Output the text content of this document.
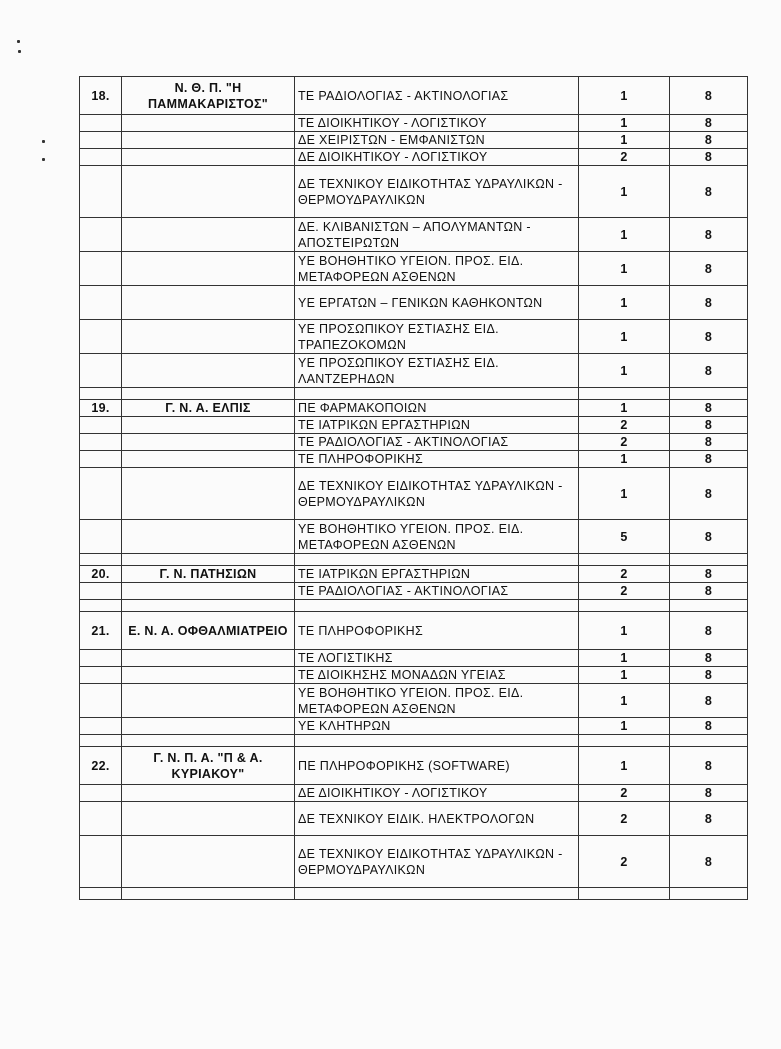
18.	Ν. Θ. Π. "Η ΠΑΜΜΑΚΑΡΙΣΤΟΣ"	ΤΕ ΡΑΔΙΟΛΟΓΙΑΣ - ΑΚΤΙΝΟΛΟΓΙΑΣ	1	8
		ΤΕ ΔΙΟΙΚΗΤΙΚΟΥ - ΛΟΓΙΣΤΙΚΟΥ	1	8
		ΔΕ ΧΕΙΡΙΣΤΩΝ - ΕΜΦΑΝΙΣΤΩΝ	1	8
		ΔΕ ΔΙΟΙΚΗΤΙΚΟΥ - ΛΟΓΙΣΤΙΚΟΥ	2	8
		ΔΕ ΤΕΧΝΙΚΟΥ ΕΙΔΙΚΟΤΗΤΑΣ ΥΔΡΑΥΛΙΚΩΝ - ΘΕΡΜΟΥΔΡΑΥΛΙΚΩΝ	1	8
		ΔΕ. ΚΛΙΒΑΝΙΣΤΩΝ – ΑΠΟΛΥΜΑΝΤΩΝ - ΑΠΟΣΤΕΙΡΩΤΩΝ	1	8
		ΥΕ ΒΟΗΘΗΤΙΚΟ ΥΓΕΙΟΝ. ΠΡΟΣ. ΕΙΔ. ΜΕΤΑΦΟΡΕΩΝ ΑΣΘΕΝΩΝ	1	8
		ΥΕ ΕΡΓΑΤΩΝ – ΓΕΝΙΚΩΝ ΚΑΘΗΚΟΝΤΩΝ	1	8
		ΥΕ ΠΡΟΣΩΠΙΚΟΥ ΕΣΤΙΑΣΗΣ ΕΙΔ. ΤΡΑΠΕΖΟΚΟΜΩΝ	1	8
		ΥΕ ΠΡΟΣΩΠΙΚΟΥ ΕΣΤΙΑΣΗΣ ΕΙΔ. ΛΑΝΤΖΕΡΗΔΩΝ	1	8

19.	Γ. Ν. Α. ΕΛΠΙΣ	ΠΕ ΦΑΡΜΑΚΟΠΟΙΩΝ	1	8
		ΤΕ ΙΑΤΡΙΚΩΝ ΕΡΓΑΣΤΗΡΙΩΝ	2	8
		ΤΕ ΡΑΔΙΟΛΟΓΙΑΣ - ΑΚΤΙΝΟΛΟΓΙΑΣ	2	8
		ΤΕ ΠΛΗΡΟΦΟΡΙΚΗΣ	1	8
		ΔΕ ΤΕΧΝΙΚΟΥ ΕΙΔΙΚΟΤΗΤΑΣ ΥΔΡΑΥΛΙΚΩΝ - ΘΕΡΜΟΥΔΡΑΥΛΙΚΩΝ	1	8
		ΥΕ ΒΟΗΘΗΤΙΚΟ ΥΓΕΙΟΝ. ΠΡΟΣ. ΕΙΔ. ΜΕΤΑΦΟΡΕΩΝ ΑΣΘΕΝΩΝ	5	8

20.	Γ. Ν. ΠΑΤΗΣΙΩΝ	ΤΕ ΙΑΤΡΙΚΩΝ ΕΡΓΑΣΤΗΡΙΩΝ	2	8
		ΤΕ ΡΑΔΙΟΛΟΓΙΑΣ - ΑΚΤΙΝΟΛΟΓΙΑΣ	2	8

21.	Ε. Ν. Α. ΟΦΘΑΛΜΙΑΤΡΕΙΟ	ΤΕ ΠΛΗΡΟΦΟΡΙΚΗΣ	1	8
		ΤΕ ΛΟΓΙΣΤΙΚΗΣ	1	8
		ΤΕ ΔΙΟΙΚΗΣΗΣ ΜΟΝΑΔΩΝ ΥΓΕΙΑΣ	1	8
		ΥΕ ΒΟΗΘΗΤΙΚΟ ΥΓΕΙΟΝ. ΠΡΟΣ. ΕΙΔ. ΜΕΤΑΦΟΡΕΩΝ ΑΣΘΕΝΩΝ	1	8
		ΥΕ ΚΛΗΤΗΡΩΝ	1	8

22.	Γ. Ν. Π. Α. "Π & Α. ΚΥΡΙΑΚΟΥ"	ΠΕ ΠΛΗΡΟΦΟΡΙΚΗΣ (SOFTWARE)	1	8
		ΔΕ ΔΙΟΙΚΗΤΙΚΟΥ - ΛΟΓΙΣΤΙΚΟΥ	2	8
		ΔΕ ΤΕΧΝΙΚΟΥ ΕΙΔΙΚ. ΗΛΕΚΤΡΟΛΟΓΩΝ	2	8
		ΔΕ ΤΕΧΝΙΚΟΥ ΕΙΔΙΚΟΤΗΤΑΣ ΥΔΡΑΥΛΙΚΩΝ - ΘΕΡΜΟΥΔΡΑΥΛΙΚΩΝ	2	8
